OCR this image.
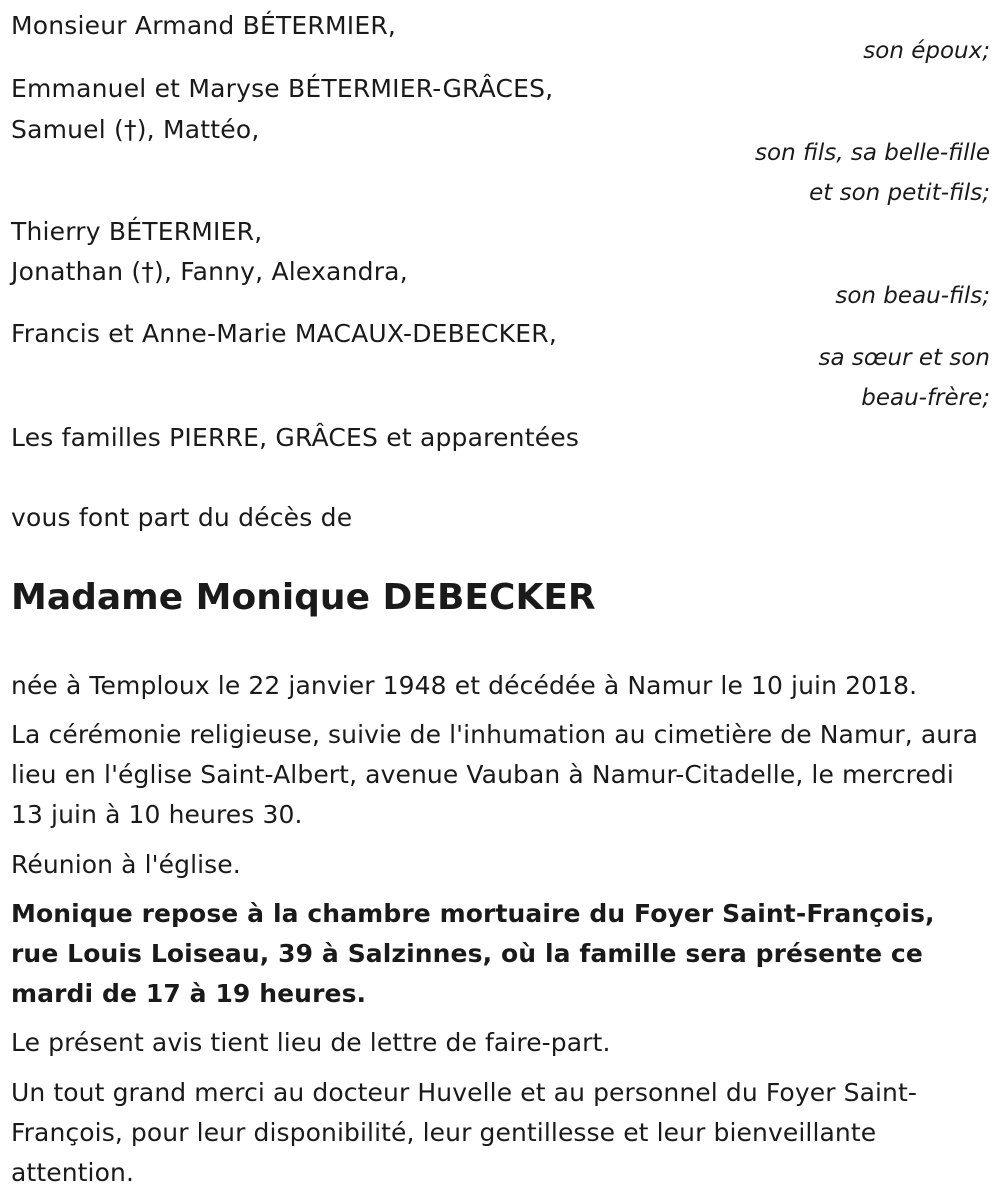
Monsieur Armand BÉTERMIER,
son époux;
Emmanuel et Maryse BÉTERMIER-GRÂCES,
Samuel (†), Mattéo,
son fils, sa belle-fille
et son petit-fils;
Thierry BÉTERMIER,
Jonathan (†), Fanny, Alexandra,
son beau-fils;
Francis et Anne-Marie MACAUX-DEBECKER,
sa sœur et son
beau-frère;
Les familles PIERRE, GRÂCES et apparentées
vous font part du décès de
Madame Monique DEBECKER
née à Temploux le 22 janvier 1948 et décédée à Namur le 10 juin 2018.
La cérémonie religieuse, suivie de l'inhumation au cimetière de Namur, aura lieu en l'église Saint-Albert, avenue Vauban à Namur-Citadelle, le mercredi 13 juin à 10 heures 30.
Réunion à l'église.
Monique repose à la chambre mortuaire du Foyer Saint-François, rue Louis Loiseau, 39 à Salzinnes, où la famille sera présente ce mardi de 17 à 19 heures.
Le présent avis tient lieu de lettre de faire-part.
Un tout grand merci au docteur Huvelle et au personnel du Foyer Saint-François, pour leur disponibilité, leur gentillesse et leur bienveillante attention.
